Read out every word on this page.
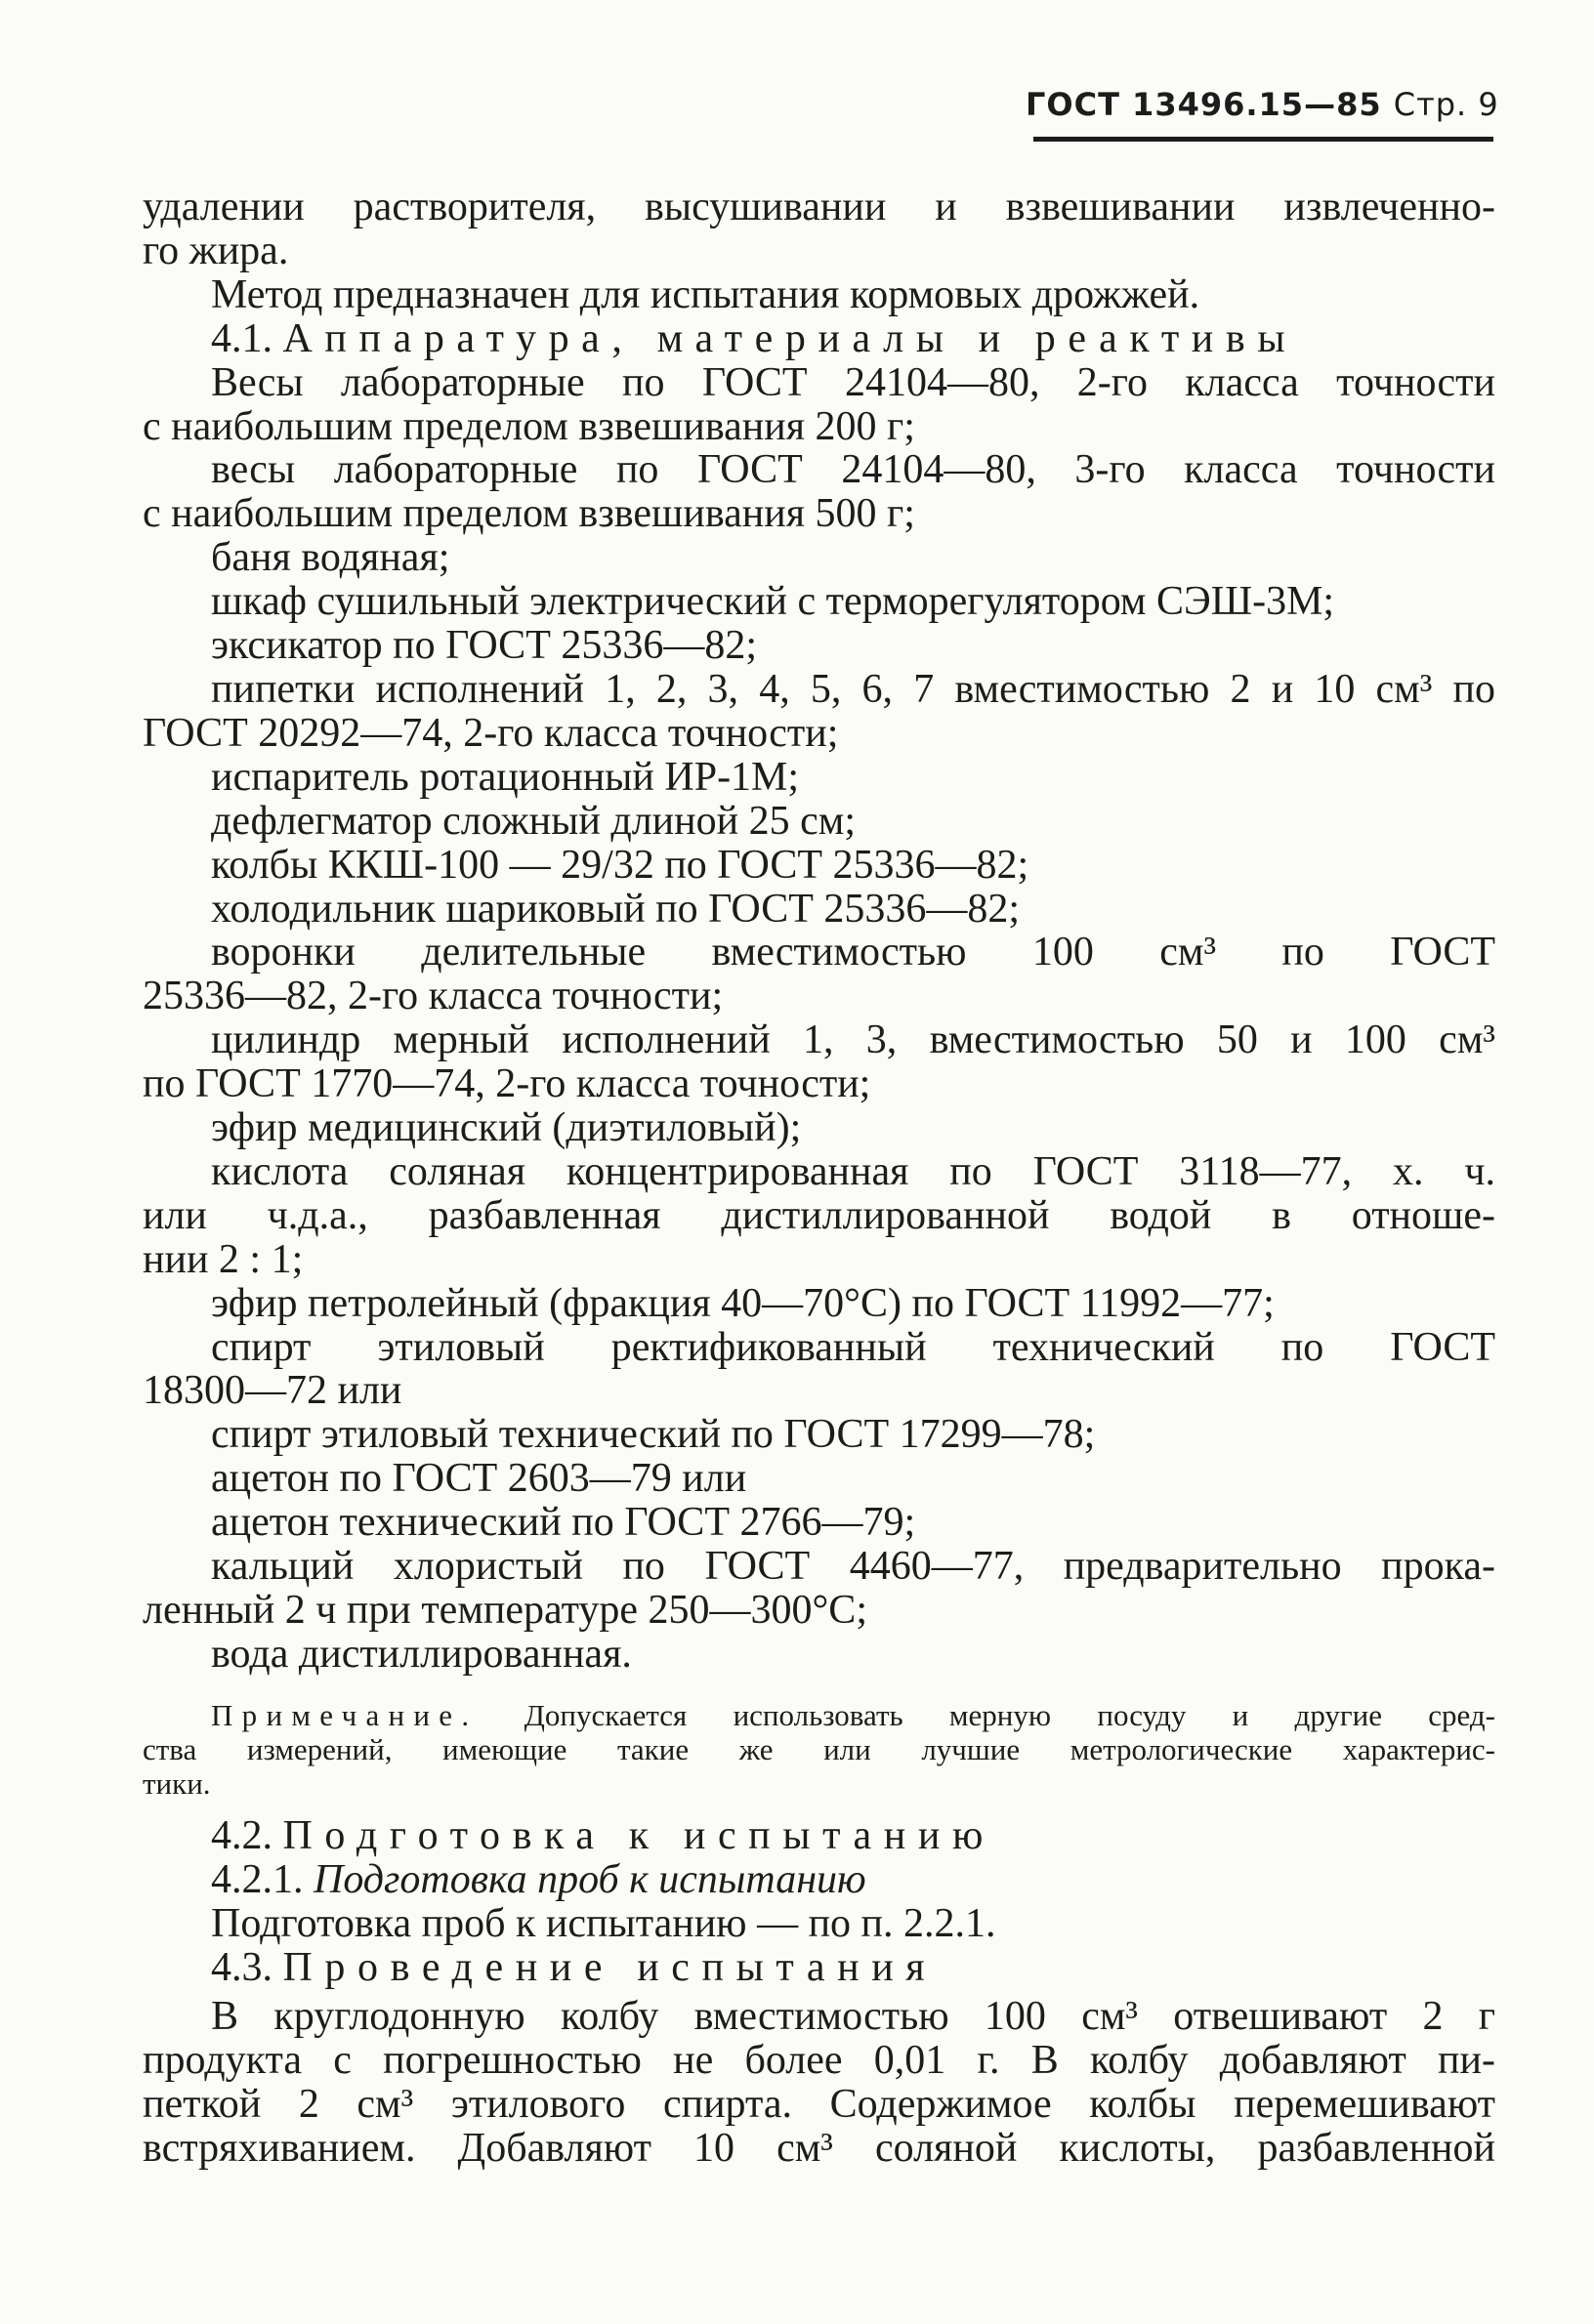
ГОСТ 13496.15—85 Стр. 9
удалении растворителя, высушивании и взвешивании извлеченно-
го жира.
Метод предназначен для испытания кормовых дрожжей.
4.1. Аппаратура, материалы и реактивы
Весы лабораторные по ГОСТ 24104—80, 2-го класса точности
с наибольшим пределом взвешивания 200 г;
весы лабораторные по ГОСТ 24104—80, 3-го класса точности
с наибольшим пределом взвешивания 500 г;
баня водяная;
шкаф сушильный электрический с терморегулятором СЭШ-3М;
эксикатор по ГОСТ 25336—82;
пипетки исполнений 1, 2, 3, 4, 5, 6, 7 вместимостью 2 и 10 см³ по
ГОСТ 20292—74, 2-го класса точности;
испаритель ротационный ИР-1М;
дефлегматор сложный длиной 25 см;
колбы ККШ-100 — 29/32 по ГОСТ 25336—82;
холодильник шариковый по ГОСТ 25336—82;
воронки делительные вместимостью 100 см³ по ГОСТ
25336—82, 2-го класса точности;
цилиндр мерный исполнений 1, 3, вместимостью 50 и 100 см³
по ГОСТ 1770—74, 2-го класса точности;
эфир медицинский (диэтиловый);
кислота соляная концентрированная по ГОСТ 3118—77, х. ч.
или ч.д.а., разбавленная дистиллированной водой в отноше-
нии 2 : 1;
эфир петролейный (фракция 40—70°С) по ГОСТ 11992—77;
спирт этиловый ректификованный технический по ГОСТ
18300—72 или
спирт этиловый технический по ГОСТ 17299—78;
ацетон по ГОСТ 2603—79 или
ацетон технический по ГОСТ 2766—79;
кальций хлористый по ГОСТ 4460—77, предварительно прока-
ленный 2 ч при температуре 250—300°С;
вода дистиллированная.
Примечание. Допускается использовать мерную посуду и другие сред-
ства измерений, имеющие такие же или лучшие метрологические характерис-
тики.
4.2. Подготовка к испытанию
4.2.1. Подготовка проб к испытанию
Подготовка проб к испытанию — по п. 2.2.1.
4.3. Проведение испытания
В круглодонную колбу вместимостью 100 см³ отвешивают 2 г
продукта с погрешностью не более 0,01 г. В колбу добавляют пи-
петкой 2 см³ этилового спирта. Содержимое колбы перемешивают
встряхиванием. Добавляют 10 см³ соляной кислоты, разбавленной
